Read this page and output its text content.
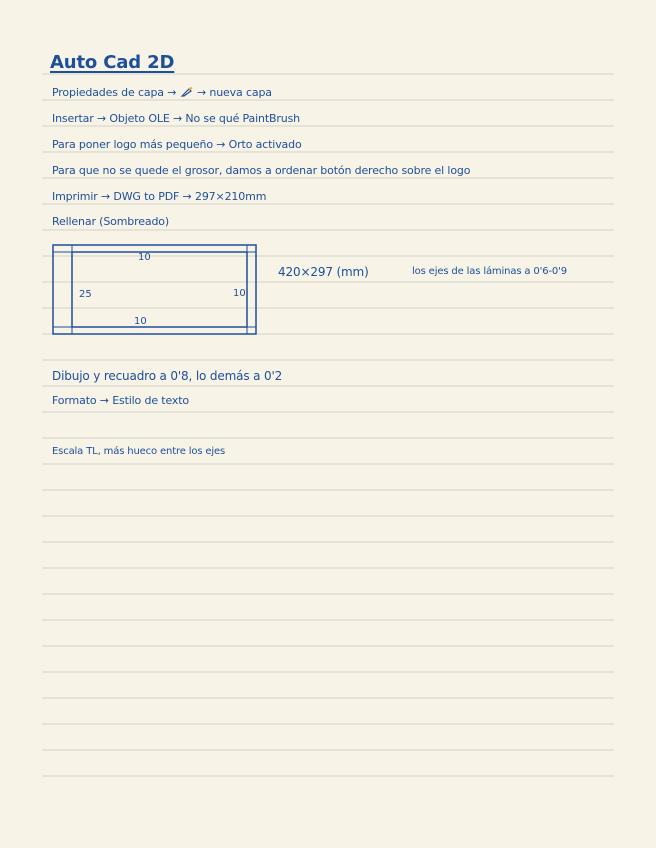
Auto Cad 2D
Propiedades de capa → → nueva capa
Insertar → Objeto OLE → No se qué PaintBrush
Para poner logo más pequeño → Orto activado
Para que no se quede el grosor, damos a ordenar botón derecho sobre el logo
Imprimir → DWG to PDF → 297×210mm
Rellenar (Sombreado)
10
25	10
10
420×297 (mm)	los ejes de las láminas a 0'6-0'9
Dibujo y recuadro a 0'8, lo demás a 0'2
Formato → Estilo de texto
Escala TL, más hueco entre los ejes
